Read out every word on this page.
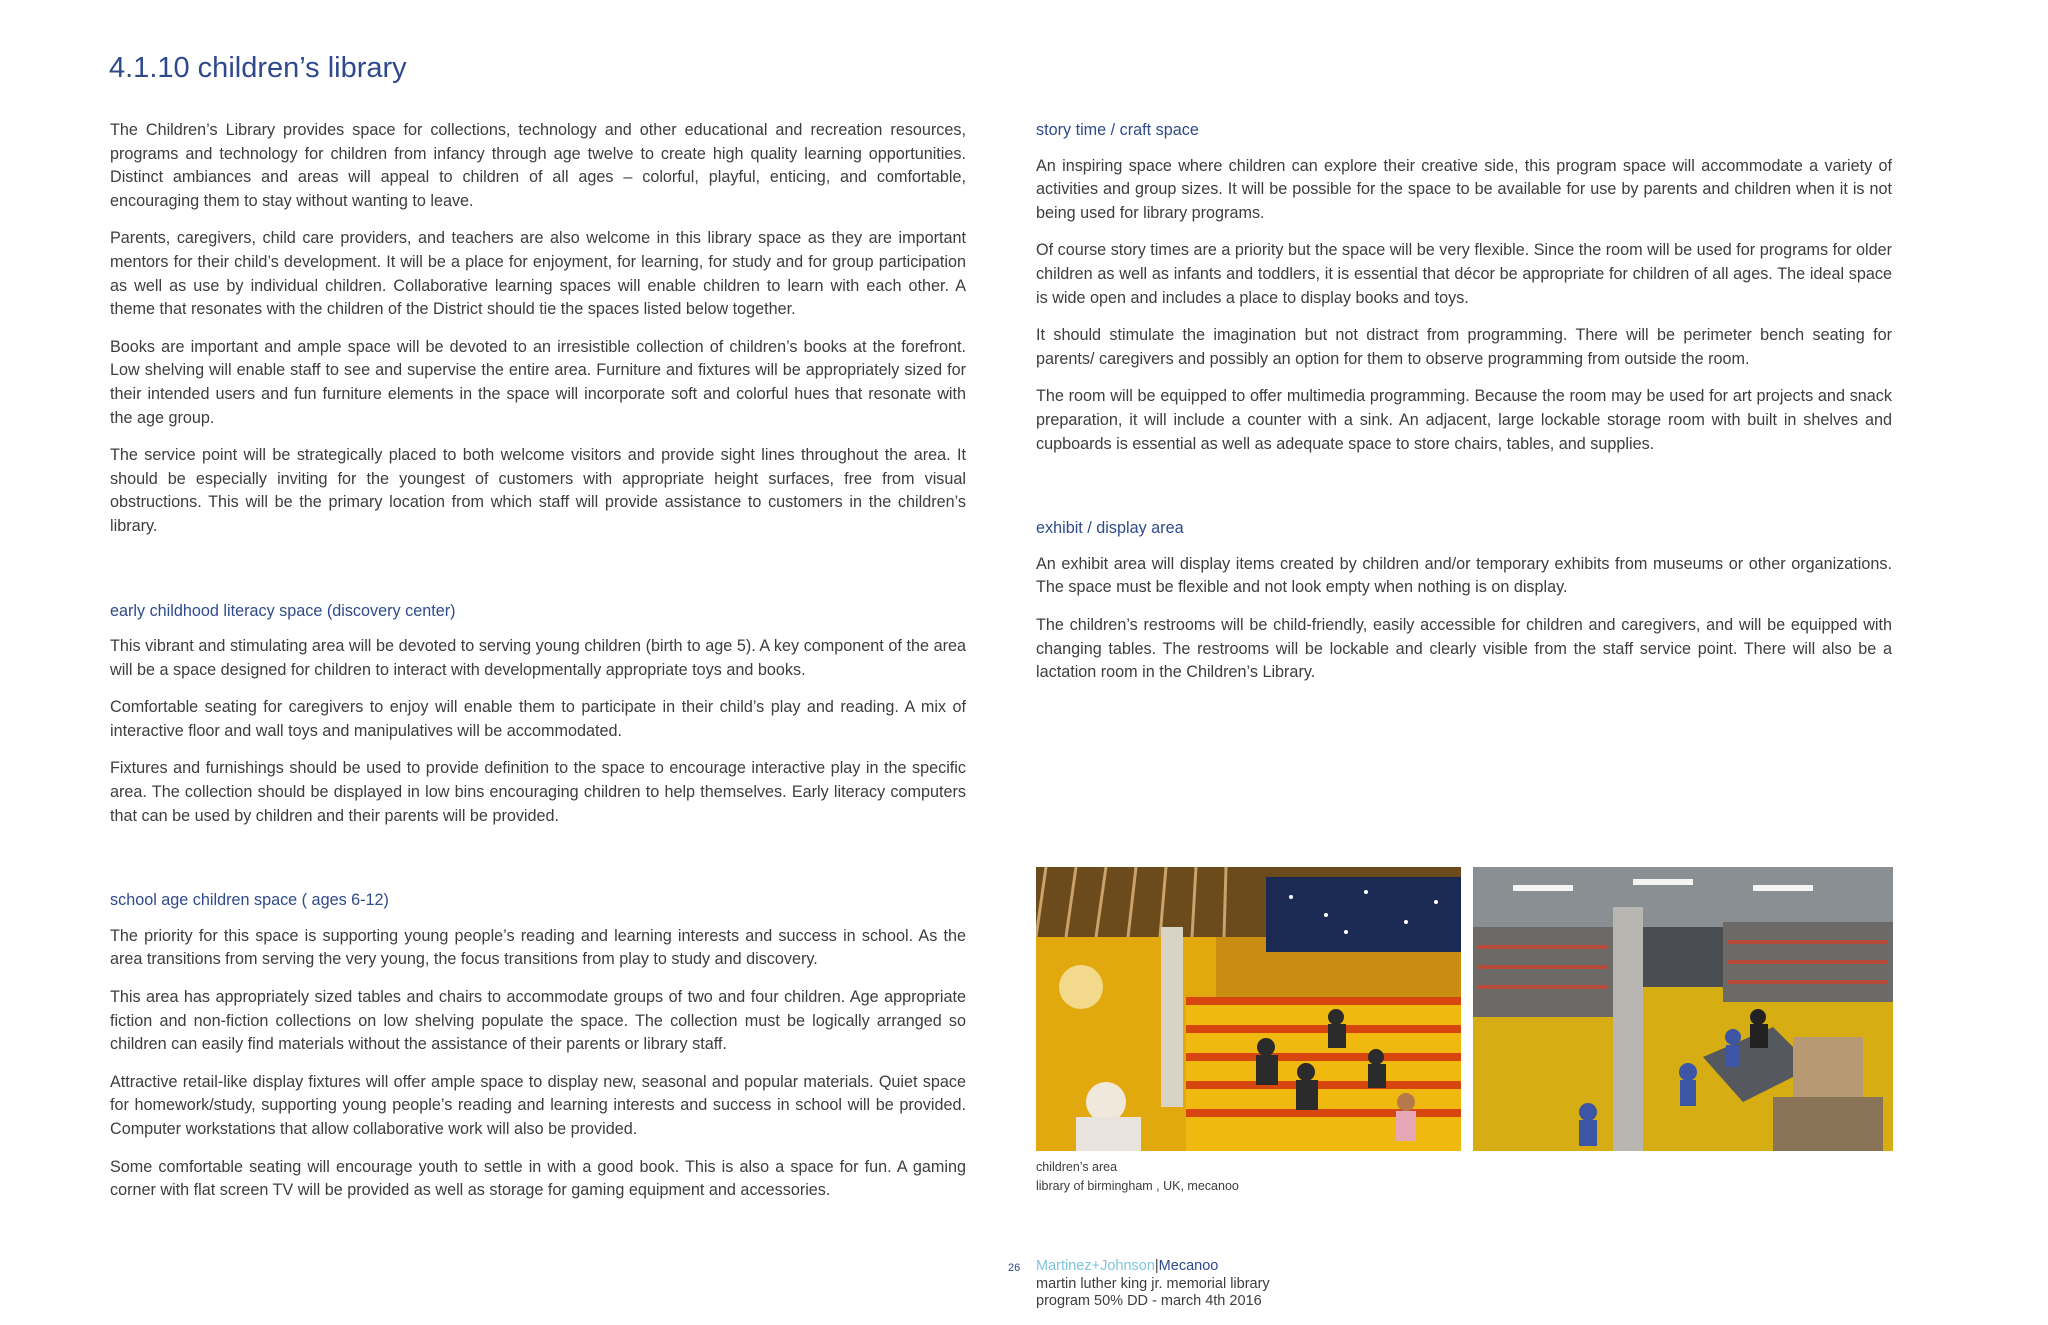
4.1.10 children’s library

The Children’s Library provides space for collections, technology and other educational and recreation resources, programs and technology for children from infancy through age twelve to create high quality learning opportunities. Distinct ambiances and areas will appeal to children of all ages – colorful, playful, enticing, and comfortable, encouraging them to stay without wanting to leave.

Parents, caregivers, child care providers, and teachers are also welcome in this library space as they are important mentors for their child’s development. It will be a place for enjoyment, for learning, for study and for group participation as well as use by individual children. Collaborative learning spaces will enable children to learn with each other. A theme that resonates with the children of the District should tie the spaces listed below together.

Books are important and ample space will be devoted to an irresistible collection of children’s books at the forefront. Low shelving will enable staff to see and supervise the entire area. Furniture and fixtures will be appropriately sized for their intended users and fun furniture elements in the space will incorporate soft and colorful hues that resonate with the age group.

The service point will be strategically placed to both welcome visitors and provide sight lines throughout the area. It should be especially inviting for the youngest of customers with appropriate height surfaces, free from visual obstructions. This will be the primary location from which staff will provide assistance to customers in the children’s library.

early childhood literacy space (discovery center)

This vibrant and stimulating area will be devoted to serving young children (birth to age 5). A key component of the area will be a space designed for children to interact with developmentally appropriate toys and books.

Comfortable seating for caregivers to enjoy will enable them to participate in their child’s play and reading. A mix of interactive floor and wall toys and manipulatives will be accommodated.

Fixtures and furnishings should be used to provide definition to the space to encourage interactive play in the specific area. The collection should be displayed in low bins encouraging children to help themselves. Early literacy computers that can be used by children and their parents will be provided.

school age children space ( ages 6-12)

The priority for this space is supporting young people’s reading and learning interests and success in school. As the area transitions from serving the very young, the focus transitions from play to study and discovery.

This area has appropriately sized tables and chairs to accommodate groups of two and four children. Age appropriate fiction and non-fiction collections on low shelving populate the space. The collection must be logically arranged so children can easily find materials without the assistance of their parents or library staff.

Attractive retail-like display fixtures will offer ample space to display new, seasonal and popular materials. Quiet space for homework/study, supporting young people’s reading and learning interests and success in school will be provided. Computer workstations that allow collaborative work will also be provided.

Some comfortable seating will encourage youth to settle in with a good book. This is also a space for fun. A gaming corner with flat screen TV will be provided as well as storage for gaming equipment and accessories.

story time / craft space

An inspiring space where children can explore their creative side, this program space will accommodate a variety of activities and group sizes. It will be possible for the space to be available for use by parents and children when it is not being used for library programs.

Of course story times are a priority but the space will be very flexible. Since the room will be used for programs for older children as well as infants and toddlers, it is essential that décor be appropriate for children of all ages. The ideal space is wide open and includes a place to display books and toys.

It should stimulate the imagination but not distract from programming. There will be perimeter bench seating for parents/ caregivers and possibly an option for them to observe programming from outside the room.

The room will be equipped to offer multimedia programming. Because the room may be used for art projects and snack preparation, it will include a counter with a sink. An adjacent, large lockable storage room with built in shelves and cupboards is essential as well as adequate space to store chairs, tables, and supplies.

exhibit / display area

An exhibit area will display items created by children and/or temporary exhibits from museums or other organizations. The space must be flexible and not look empty when nothing is on display.

The children’s restrooms will be child-friendly, easily accessible for children and caregivers, and will be equipped with changing tables. The restrooms will be lockable and clearly visible from the staff service point. There will also be a lactation room in the Children’s Library.

children’s area
library of birmingham , UK, mecanoo
26 Martinez+Johnson|Mecanoo
martin luther king jr. memorial library
program 50% DD - march 4th 2016
